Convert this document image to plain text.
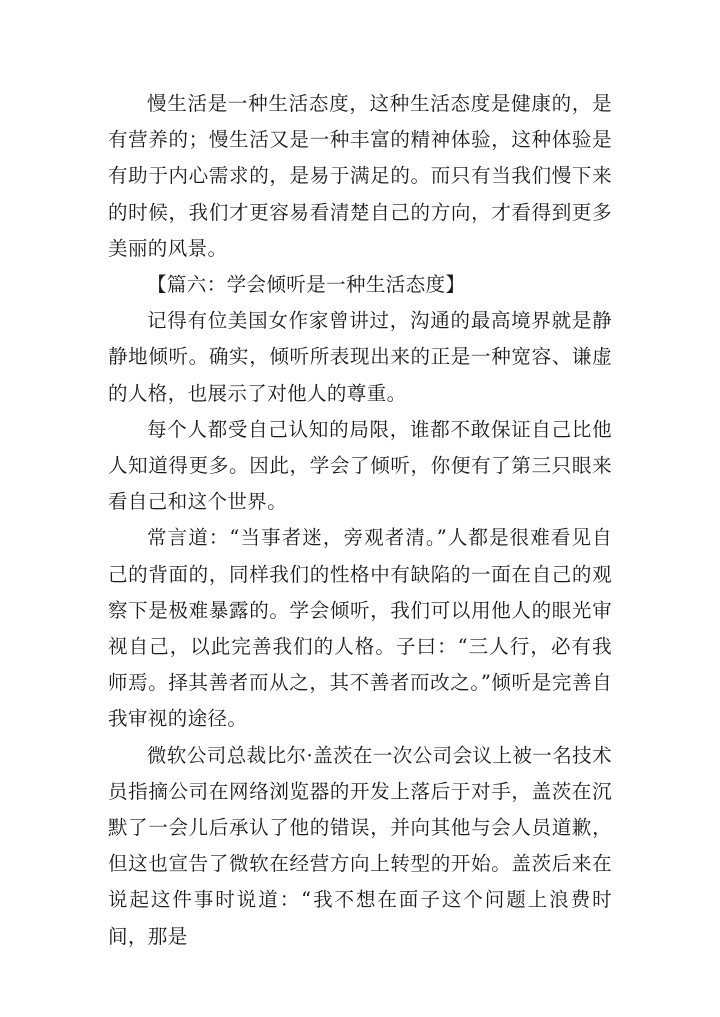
慢生活是一种生活态度，这种生活态度是健康的，是有营养的；慢生活又是一种丰富的精神体验，这种体验是有助于内心需求的，是易于满足的。而只有当我们慢下来的时候，我们才更容易看清楚自己的方向，才看得到更多美丽的风景。

【篇六：学会倾听是一种生活态度】

记得有位美国女作家曾讲过，沟通的最高境界就是静静地倾听。确实，倾听所表现出来的正是一种宽容、谦虚的人格，也展示了对他人的尊重。

每个人都受自己认知的局限，谁都不敢保证自己比他人知道得更多。因此，学会了倾听，你便有了第三只眼来看自己和这个世界。

常言道：“当事者迷，旁观者清。”人都是很难看见自己的背面的，同样我们的性格中有缺陷的一面在自己的观察下是极难暴露的。学会倾听，我们可以用他人的眼光审视自己，以此完善我们的人格。子曰：“三人行，必有我师焉。择其善者而从之，其不善者而改之。”倾听是完善自我审视的途径。

微软公司总裁比尔·盖茨在一次公司会议上被一名技术员指摘公司在网络浏览器的开发上落后于对手，盖茨在沉默了一会儿后承认了他的错误，并向其他与会人员道歉，但这也宣告了微软在经营方向上转型的开始。盖茨后来在说起这件事时说道：“我不想在面子这个问题上浪费时间，那是
